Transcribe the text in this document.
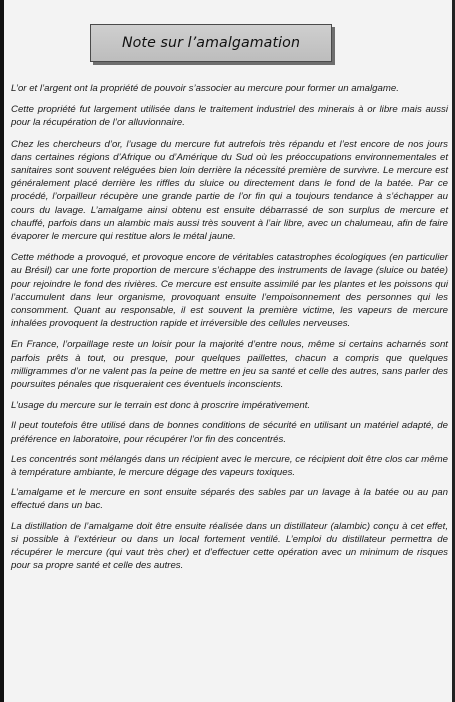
Note sur l’amalgamation

L’or et l’argent ont la propriété de pouvoir s’associer au mercure pour former un amalgame.

Cette propriété fut largement utilisée dans le traitement industriel des minerais à or libre mais aussi pour la récupération de l’or alluvionnaire.

Chez les chercheurs d’or, l’usage du mercure fut autrefois très répandu et l’est encore de nos jours dans certaines régions d’Afrique ou d’Amérique du Sud où les préoccupations environnementales et sanitaires sont souvent reléguées bien loin derrière la nécessité première de survivre. Le mercure est généralement placé derrière les riffles du sluice ou directement dans le fond de la batée. Par ce procédé, l’orpailleur récupère une grande partie de l’or fin qui a toujours tendance à s’échapper au cours du lavage. L’amalgame ainsi obtenu est ensuite débarrassé de son surplus de mercure et chauffé, parfois dans un alambic mais aussi très souvent à l’air libre, avec un chalumeau, afin de faire évaporer le mercure qui restitue alors le métal jaune.

Cette méthode a provoqué, et provoque encore de véritables catastrophes écologiques (en particulier au Brésil) car une forte proportion de mercure s’échappe des instruments de lavage (sluice ou batée) pour rejoindre le fond des rivières. Ce mercure est ensuite assimilé par les plantes et les poissons qui l’accumulent dans leur organisme, provoquant ensuite l’empoisonnement des personnes qui les consomment. Quant au responsable, il est souvent la première victime, les vapeurs de mercure inhalées provoquent la destruction rapide et irréversible des cellules nerveuses.

En France, l’orpaillage reste un loisir pour la majorité d’entre nous, même si certains acharnés sont parfois prêts à tout, ou presque, pour quelques paillettes, chacun a compris que quelques milligrammes d’or ne valent pas la peine de mettre en jeu sa santé et celle des autres, sans parler des poursuites pénales que risqueraient ces éventuels inconscients.

L’usage du mercure sur le terrain est donc à proscrire impérativement.

Il peut toutefois être utilisé dans de bonnes conditions de sécurité en utilisant un matériel adapté, de préférence en laboratoire, pour récupérer l’or fin des concentrés.

Les concentrés sont mélangés dans un récipient avec le mercure, ce récipient doit être clos car même à température ambiante, le mercure dégage des vapeurs toxiques.

L’amalgame et le mercure en sont ensuite séparés des sables par un lavage à la batée ou au pan effectué dans un bac.

La distillation de l’amalgame doit être ensuite réalisée dans un distillateur (alambic) conçu à cet effet, si possible à l’extérieur ou dans un local fortement ventilé. L’emploi du distillateur permettra de récupérer le mercure (qui vaut très cher) et d’effectuer cette opération avec un minimum de risques pour sa propre santé et celle des autres.
